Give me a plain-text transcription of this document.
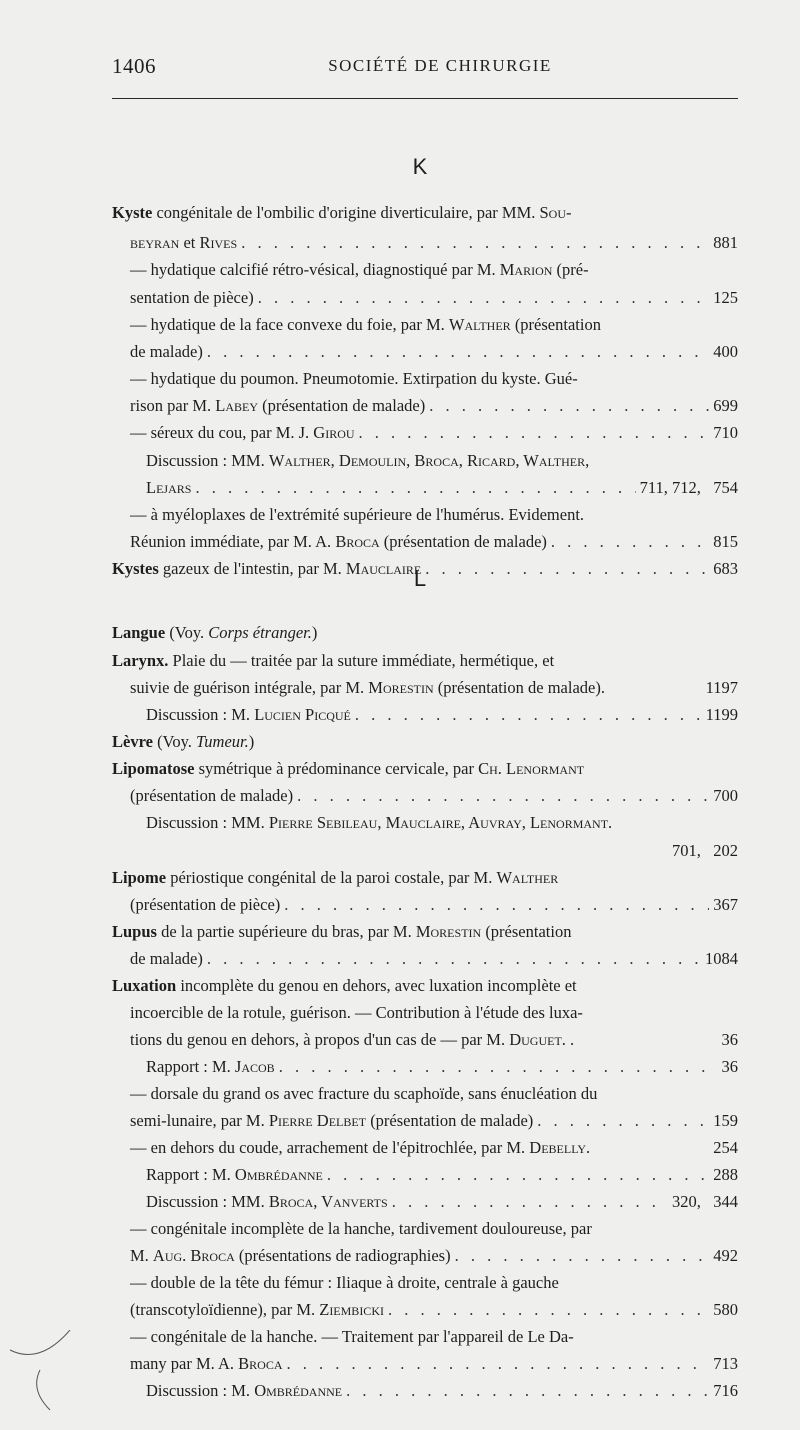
1406	SOCIÉTÉ DE CHIRURGIE
K
L
Kyste congénitale de l'ombilic d'origine diverticulaire, par MM. Sou-
beyran et Rives . . .	881
— hydatique calcifié rétro-vésical, diagnostiqué par M. Marion (pré-
sentation de pièce) . . .	125
— hydatique de la face convexe du foie, par M. Walther (présentation
de malade) . . .	400
— hydatique du poumon. Pneumotomie. Extirpation du kyste. Gué-
rison par M. Labey (présentation de malade) . . .	699
— séreux du cou, par M. J. Girou . . .	710
Discussion : MM. Walther, Demoulin, Broca, Ricard, Walther,
Lejars . . .	711, 712,   754
— à myéloplaxes de l'extrémité supérieure de l'humérus. Evidement.
Réunion immédiate, par M. A. Broca (présentation de malade) . . .	815
Kystes gazeux de l'intestin, par M. Mauclaire . . .	683
Langue (Voy. Corps étranger. )
Larynx. Plaie du — traitée par la suture immédiate, hermétique, et
suivie de guérison intégrale, par M. Morestin (présentation de malade).	1197
Discussion : M. Lucien Picqué . . .	1199
Lèvre (Voy. Tumeur. )
Lipomatose symétrique à prédominance cervicale, par Ch. Lenormant
(présentation de malade) . . .	700
Discussion : MM. Pierre Sebileau, Mauclaire, Auvray, Lenormant.
701,   202
Lipome périostique congénital de la paroi costale, par M. Walther
(présentation de pièce) . . .	367
Lupus de la partie supérieure du bras, par M. Morestin (présentation
de malade) . . .	1084
Luxation incomplète du genou en dehors, avec luxation incomplète et
incoercible de la rotule, guérison. — Contribution à l'étude des luxa-
tions du genou en dehors, à propos d'un cas de — par M. Duguet . .	36
Rapport : M. Jacob . . .	36
— dorsale du grand os avec fracture du scaphoïde, sans énucléation du
semi-lunaire, par M. Pierre Delbet (présentation de malade) . . .	159
— en dehors du coude, arrachement de l'épitrochlée, par M. Debelly .	254
Rapport : M. Ombrédanne . . .	288
Discussion : MM. Broca, Vanverts . . .	320,   344
— congénitale incomplète de la hanche, tardivement douloureuse, par
M. Aug. Broca (présentations de radiographies) . . .	492
— double de la tête du fémur : Iliaque à droite, centrale à gauche
(transcotyloïdienne), par M. Ziembicki . . .	580
— congénitale de la hanche. — Traitement par l'appareil de Le Da-
many par M. A. Broca . . .	713
Discussion : M. Ombrédanne . . .	716
